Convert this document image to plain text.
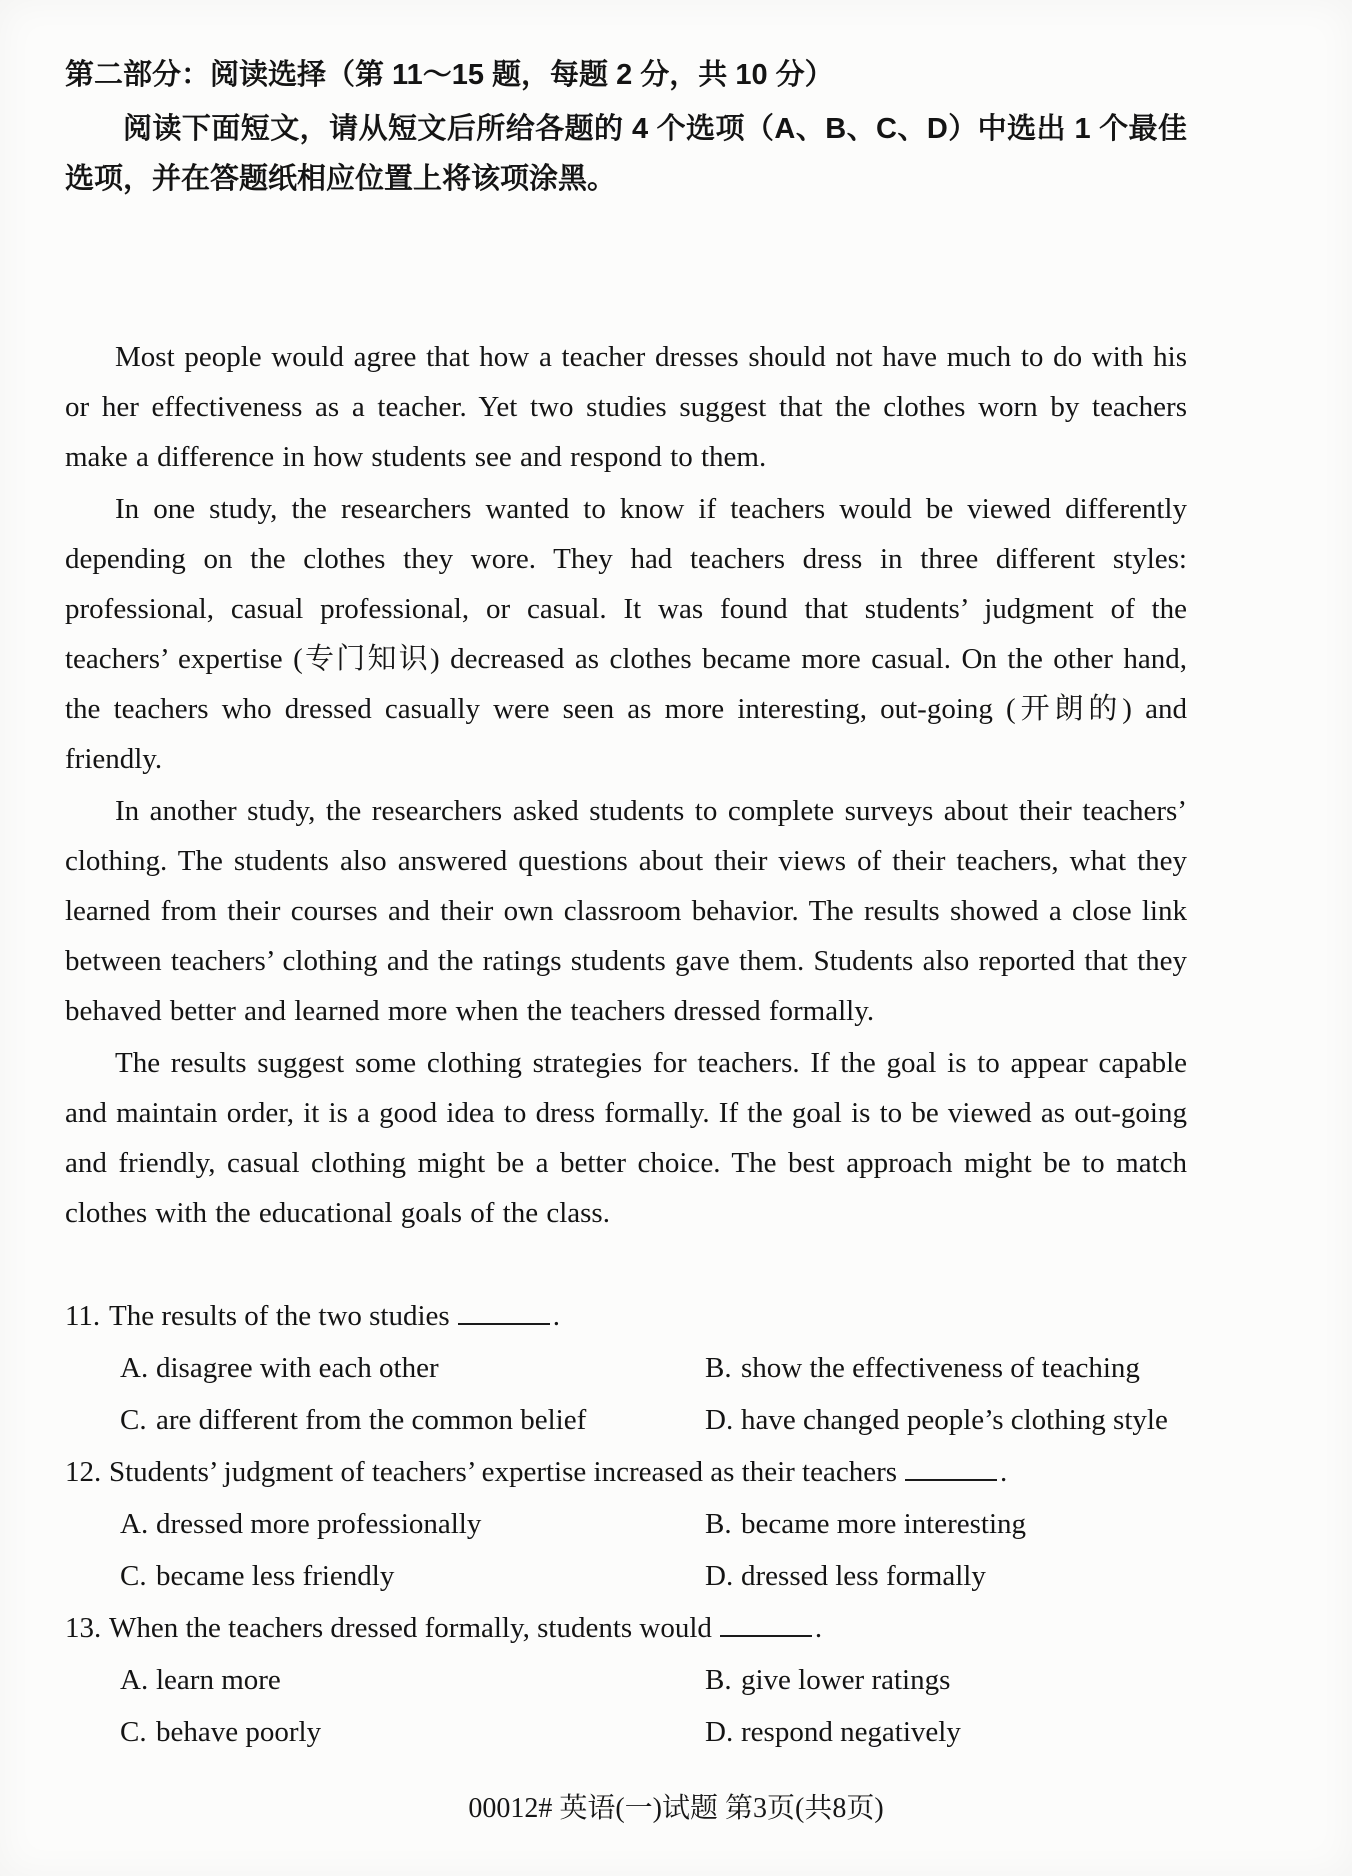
第二部分：阅读选择（第 11～15 题，每题 2 分，共 10 分）

阅读下面短文，请从短文后所给各题的 4 个选项（A、B、C、D）中选出 1 个最佳选项，并在答题纸相应位置上将该项涂黑。

Most people would agree that how a teacher dresses should not have much to do with his or her effectiveness as a teacher. Yet two studies suggest that the clothes worn by teachers make a difference in how students see and respond to them.

In one study, the researchers wanted to know if teachers would be viewed differently depending on the clothes they wore. They had teachers dress in three different styles: professional, casual professional, or casual. It was found that students’ judgment of the teachers’ expertise (专门知识) decreased as clothes became more casual. On the other hand, the teachers who dressed casually were seen as more interesting, out-going (开朗的) and friendly.

In another study, the researchers asked students to complete surveys about their teachers’ clothing. The students also answered questions about their views of their teachers, what they learned from their courses and their own classroom behavior. The results showed a close link between teachers’ clothing and the ratings students gave them. Students also reported that they behaved better and learned more when the teachers dressed formally.

The results suggest some clothing strategies for teachers. If the goal is to appear capable and maintain order, it is a good idea to dress formally. If the goal is to be viewed as out-going and friendly, casual clothing might be a better choice. The best approach might be to match clothes with the educational goals of the class.

11. The results of the two studies	.
A. disagree with each other	B. show the effectiveness of teaching
C. are different from the common belief	D. have changed people’s clothing style
12. Students’ judgment of teachers’ expertise increased as their teachers	.
A. dressed more professionally	B. became more interesting
C. became less friendly	D. dressed less formally
13. When the teachers dressed formally, students would	.
A. learn more	B. give lower ratings
C. behave poorly	D. respond negatively
00012# 英语(一)试题 第3页(共8页)
